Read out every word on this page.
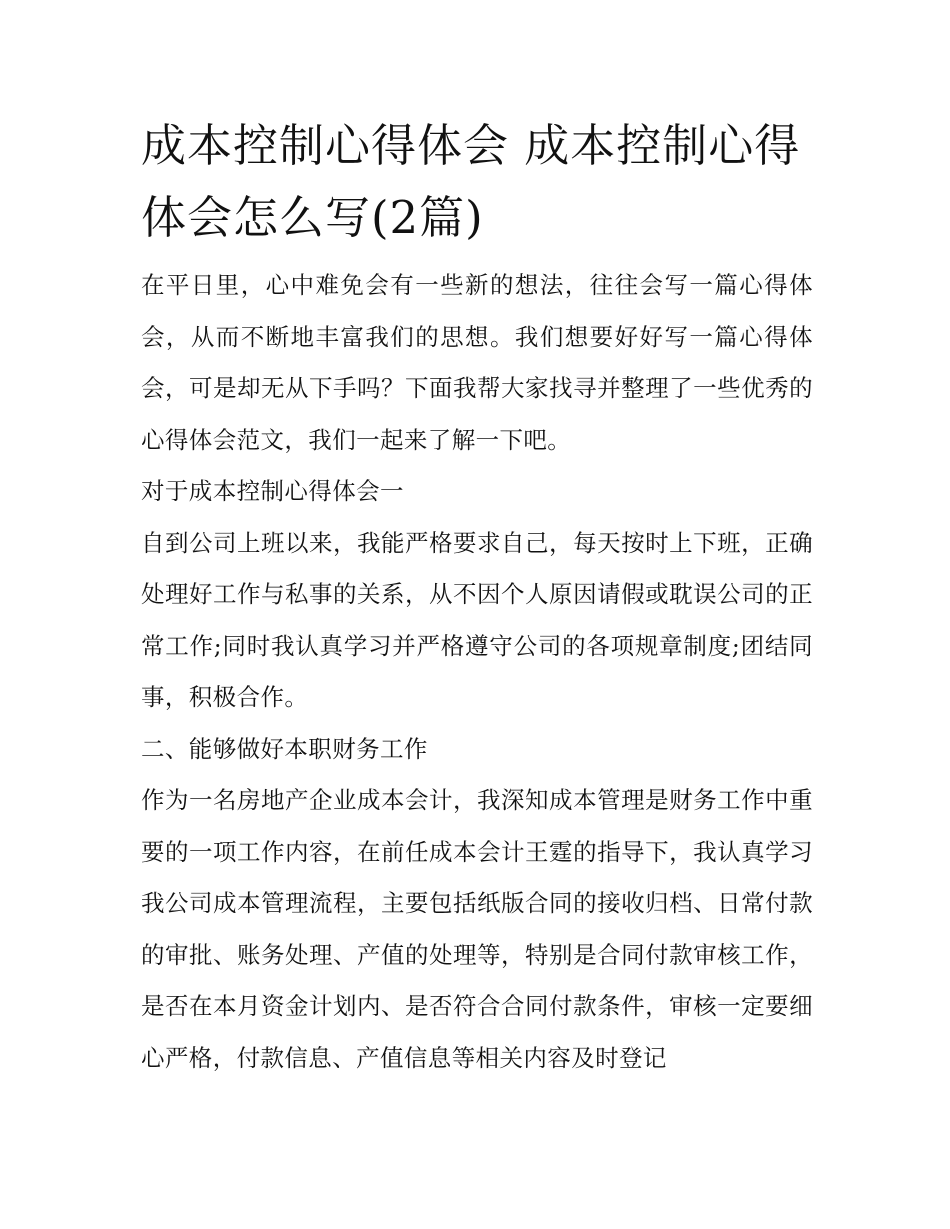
成本控制心得体会 成本控制心得体会怎么写(2篇)

在平日里，心中难免会有一些新的想法，往往会写一篇心得体会，从而不断地丰富我们的思想。我们想要好好写一篇心得体会，可是却无从下手吗？下面我帮大家找寻并整理了一些优秀的心得体会范文，我们一起来了解一下吧。

对于成本控制心得体会一

自到公司上班以来，我能严格要求自己，每天按时上下班，正确处理好工作与私事的关系，从不因个人原因请假或耽误公司的正常工作;同时我认真学习并严格遵守公司的各项规章制度;团结同事，积极合作。

二、能够做好本职财务工作

作为一名房地产企业成本会计，我深知成本管理是财务工作中重要的一项工作内容，在前任成本会计王霆的指导下，我认真学习我公司成本管理流程，主要包括纸版合同的接收归档、日常付款的审批、账务处理、产值的处理等，特别是合同付款审核工作，是否在本月资金计划内、是否符合合同付款条件，审核一定要细心严格，付款信息、产值信息等相关内容及时登记
